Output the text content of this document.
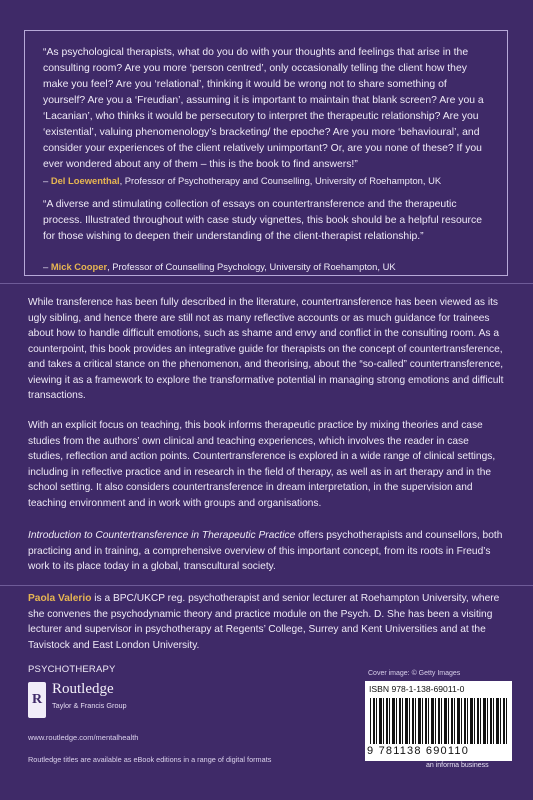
“As psychological therapists, what do you do with your thoughts and feelings that arise in the consulting room? Are you more ‘person centred’, only occasionally telling the client how they make you feel? Are you ‘relational’, thinking it would be wrong not to share something of yourself? Are you a ‘Freudian’, assuming it is important to maintain that blank screen? Are you a ‘Lacanian’, who thinks it would be persecutory to interpret the therapeutic relationship? Are you ‘existential’, valuing phenomenology’s bracketing/ the epoche? Are you more ‘behavioural’, and consider your experiences of the client relatively unimportant? Or, are you none of these? If you ever wondered about any of them – this is the book to find answers!”

– Del Loewenthal, Professor of Psychotherapy and Counselling, University of Roehampton, UK

“A diverse and stimulating collection of essays on countertransference and the therapeutic process. Illustrated throughout with case study vignettes, this book should be a helpful resource for those wishing to deepen their understanding of the client-therapist relationship.”

– Mick Cooper, Professor of Counselling Psychology, University of Roehampton, UK

While transference has been fully described in the literature, countertransference has been viewed as its ugly sibling, and hence there are still not as many reflective accounts or as much guidance for trainees about how to handle difficult emotions, such as shame and envy and conflict in the consulting room. As a counterpoint, this book provides an integrative guide for therapists on the concept of countertransference, and takes a critical stance on the phenomenon, and theorising, about the “so-called” countertransference, viewing it as a framework to explore the transformative potential in managing strong emotions and difficult transactions.

With an explicit focus on teaching, this book informs therapeutic practice by mixing theories and case studies from the authors’ own clinical and teaching experiences, which involves the reader in case studies, reflection and action points. Countertransference is explored in a wide range of clinical settings, including in reflective practice and in research in the field of therapy, as well as in art therapy and in the school setting. It also considers countertransference in dream interpretation, in the supervision and teaching environment and in work with groups and organisations.

Introduction to Countertransference in Therapeutic Practice offers psychotherapists and counsellors, both practicing and in training, a comprehensive overview of this important concept, from its roots in Freud’s work to its place today in a global, transcultural society.

Paola Valerio is a BPC/UKCP reg. psychotherapist and senior lecturer at Roehampton University, where she convenes the psychodynamic theory and practice module on the Psych. D. She has been a visiting lecturer and supervisor in psychotherapy at Regents’ College, Surrey and Kent Universities and at the Tavistock and East London University.

PSYCHOTHERAPY	Cover image: © Getty Images

R

Routledge

Taylor & Francis Group

www.routledge.com/mentalhealth

Routledge titles are available as eBook editions in a range of digital formats

ISBN 978-1-138-69011-0

9 781138 690110

an informa business
